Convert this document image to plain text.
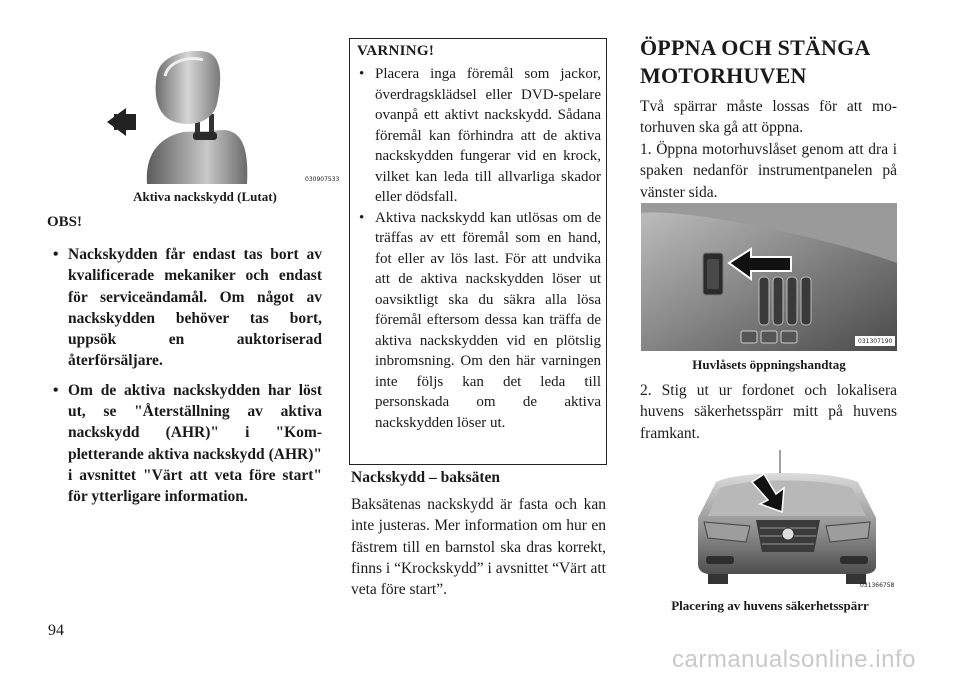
030907533
Aktiva nackskydd (Lutat)
OBS!
• Nackskydden får endast tas bort av kvalificerade mekaniker och endast för serviceändamål. Om något av nackskydden behöver tas bort, uppsök en auktoriserad återförsäljare.
• Om de aktiva nackskydden har löst ut, se "Återställning av aktiva nackskydd (AHR)" i "Kompletterande aktiva nackskydd (AHR)" i avsnittet "Värt att veta före start" för ytterligare information.
VARNING!
• Placera inga föremål som jackor, överdragsklädsel eller DVD-spelare ovanpå ett aktivt nackskydd. Sådana föremål kan förhindra att de aktiva nackskydden fungerar vid en krock, vilket kan leda till allvarliga skador eller dödsfall.
• Aktiva nackskydd kan utlösas om de träffas av ett föremål som en hand, fot eller av lös last. För att undvika att de aktiva nackskydden löser ut oavsiktligt ska du säkra alla lösa föremål eftersom dessa kan träffa de aktiva nackskydden vid en plötslig inbromsning. Om den här varningen inte följs kan det leda till personskada om de aktiva nackskydden löser ut.
Nackskydd – baksäten
Baksätenas nackskydd är fasta och kan inte justeras. Mer information om hur en fästrem till en barnstol ska dras korrekt, finns i “Krockskydd” i avsnittet “Värt att veta före start”.
ÖPPNA OCH STÄNGA MOTORHUVEN
Två spärrar måste lossas för att motorhuven ska gå att öppna.
1. Öppna motorhuvslåset genom att dra i spaken nedanför instrumentpanelen på vänster sida.
031307190
Huvlåsets öppningshandtag
2. Stig ut ur fordonet och lokalisera huvens säkerhetsspärr mitt på huvens framkant.
031366758
Placering av huvens säkerhetsspärr
94
carmanualsonline.info
